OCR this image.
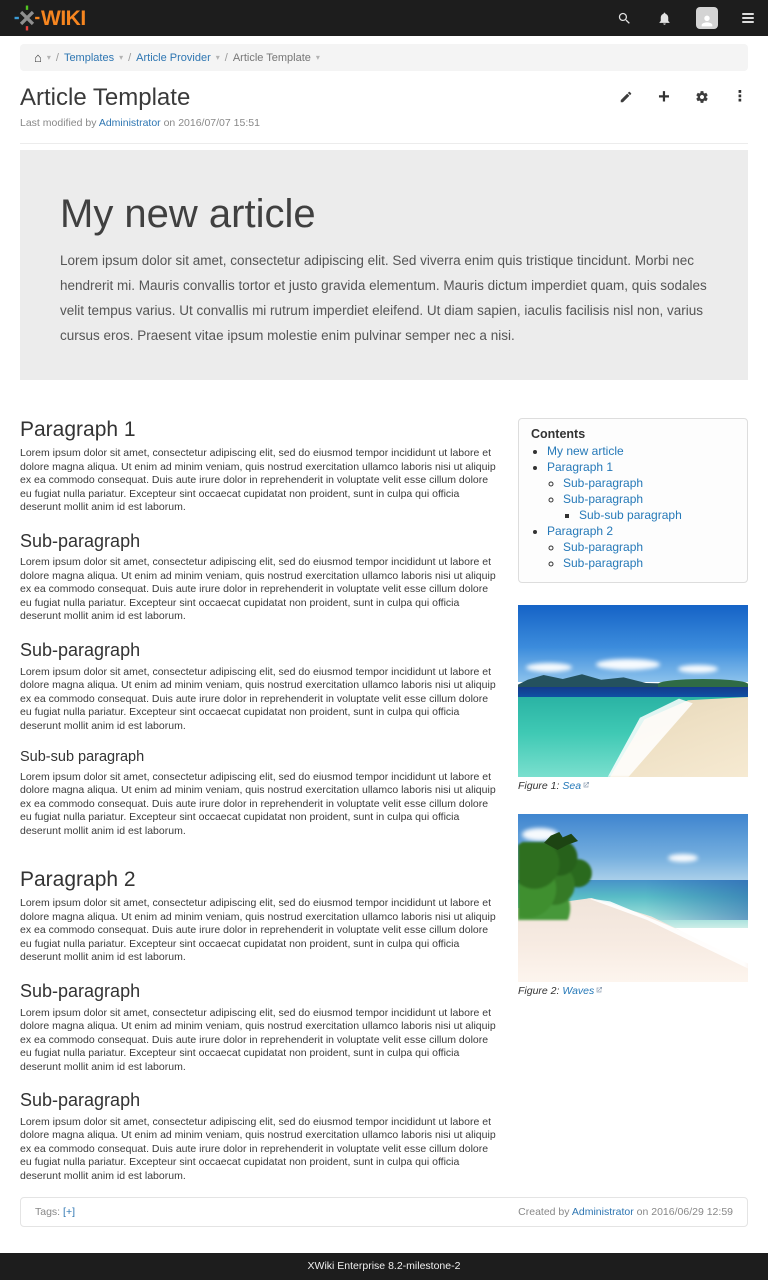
WIKI
⌂ ▾ / Templates ▾ / Article Provider ▾ / Article Template ▾
Article Template	+	⋮
Last modified by Administrator on 2016/07/07 15:51
My new article

Lorem ipsum dolor sit amet, consectetur adipiscing elit. Sed viverra enim quis tristique tincidunt. Morbi nec hendrerit mi. Mauris convallis tortor et justo gravida elementum. Mauris dictum imperdiet quam, quis sodales velit tempus varius. Ut convallis mi rutrum imperdiet eleifend. Ut diam sapien, iaculis facilisis nisl non, varius cursus eros. Praesent vitae ipsum molestie enim pulvinar semper nec a nisi.

Paragraph 1

Lorem ipsum dolor sit amet, consectetur adipiscing elit, sed do eiusmod tempor incididunt ut labore et dolore magna aliqua. Ut enim ad minim veniam, quis nostrud exercitation ullamco laboris nisi ut aliquip ex ea commodo consequat. Duis aute irure dolor in reprehenderit in voluptate velit esse cillum dolore eu fugiat nulla pariatur. Excepteur sint occaecat cupidatat non proident, sunt in culpa qui officia deserunt mollit anim id est laborum.

Sub-paragraph

Lorem ipsum dolor sit amet, consectetur adipiscing elit, sed do eiusmod tempor incididunt ut labore et dolore magna aliqua. Ut enim ad minim veniam, quis nostrud exercitation ullamco laboris nisi ut aliquip ex ea commodo consequat. Duis aute irure dolor in reprehenderit in voluptate velit esse cillum dolore eu fugiat nulla pariatur. Excepteur sint occaecat cupidatat non proident, sunt in culpa qui officia deserunt mollit anim id est laborum.

Sub-paragraph

Lorem ipsum dolor sit amet, consectetur adipiscing elit, sed do eiusmod tempor incididunt ut labore et dolore magna aliqua. Ut enim ad minim veniam, quis nostrud exercitation ullamco laboris nisi ut aliquip ex ea commodo consequat. Duis aute irure dolor in reprehenderit in voluptate velit esse cillum dolore eu fugiat nulla pariatur. Excepteur sint occaecat cupidatat non proident, sunt in culpa qui officia deserunt mollit anim id est laborum.

Sub-sub paragraph

Lorem ipsum dolor sit amet, consectetur adipiscing elit, sed do eiusmod tempor incididunt ut labore et dolore magna aliqua. Ut enim ad minim veniam, quis nostrud exercitation ullamco laboris nisi ut aliquip ex ea commodo consequat. Duis aute irure dolor in reprehenderit in voluptate velit esse cillum dolore eu fugiat nulla pariatur. Excepteur sint occaecat cupidatat non proident, sunt in culpa qui officia deserunt mollit anim id est laborum.

Paragraph 2

Lorem ipsum dolor sit amet, consectetur adipiscing elit, sed do eiusmod tempor incididunt ut labore et dolore magna aliqua. Ut enim ad minim veniam, quis nostrud exercitation ullamco laboris nisi ut aliquip ex ea commodo consequat. Duis aute irure dolor in reprehenderit in voluptate velit esse cillum dolore eu fugiat nulla pariatur. Excepteur sint occaecat cupidatat non proident, sunt in culpa qui officia deserunt mollit anim id est laborum.

Sub-paragraph

Lorem ipsum dolor sit amet, consectetur adipiscing elit, sed do eiusmod tempor incididunt ut labore et dolore magna aliqua. Ut enim ad minim veniam, quis nostrud exercitation ullamco laboris nisi ut aliquip ex ea commodo consequat. Duis aute irure dolor in reprehenderit in voluptate velit esse cillum dolore eu fugiat nulla pariatur. Excepteur sint occaecat cupidatat non proident, sunt in culpa qui officia deserunt mollit anim id est laborum.

Sub-paragraph

Lorem ipsum dolor sit amet, consectetur adipiscing elit, sed do eiusmod tempor incididunt ut labore et dolore magna aliqua. Ut enim ad minim veniam, quis nostrud exercitation ullamco laboris nisi ut aliquip ex ea commodo consequat. Duis aute irure dolor in reprehenderit in voluptate velit esse cillum dolore eu fugiat nulla pariatur. Excepteur sint occaecat cupidatat non proident, sunt in culpa qui officia deserunt mollit anim id est laborum.

Contents
• My new article
• Paragraph 1
◦ Sub-paragraph
◦ Sub-paragraph
▪ Sub-sub paragraph
• Paragraph 2
◦ Sub-paragraph
◦ Sub-paragraph
Figure 1: Sea
Figure 2: Waves
Tags: [+]	Created by Administrator on 2016/06/29 12:59
XWiki Enterprise 8.2-milestone-2
